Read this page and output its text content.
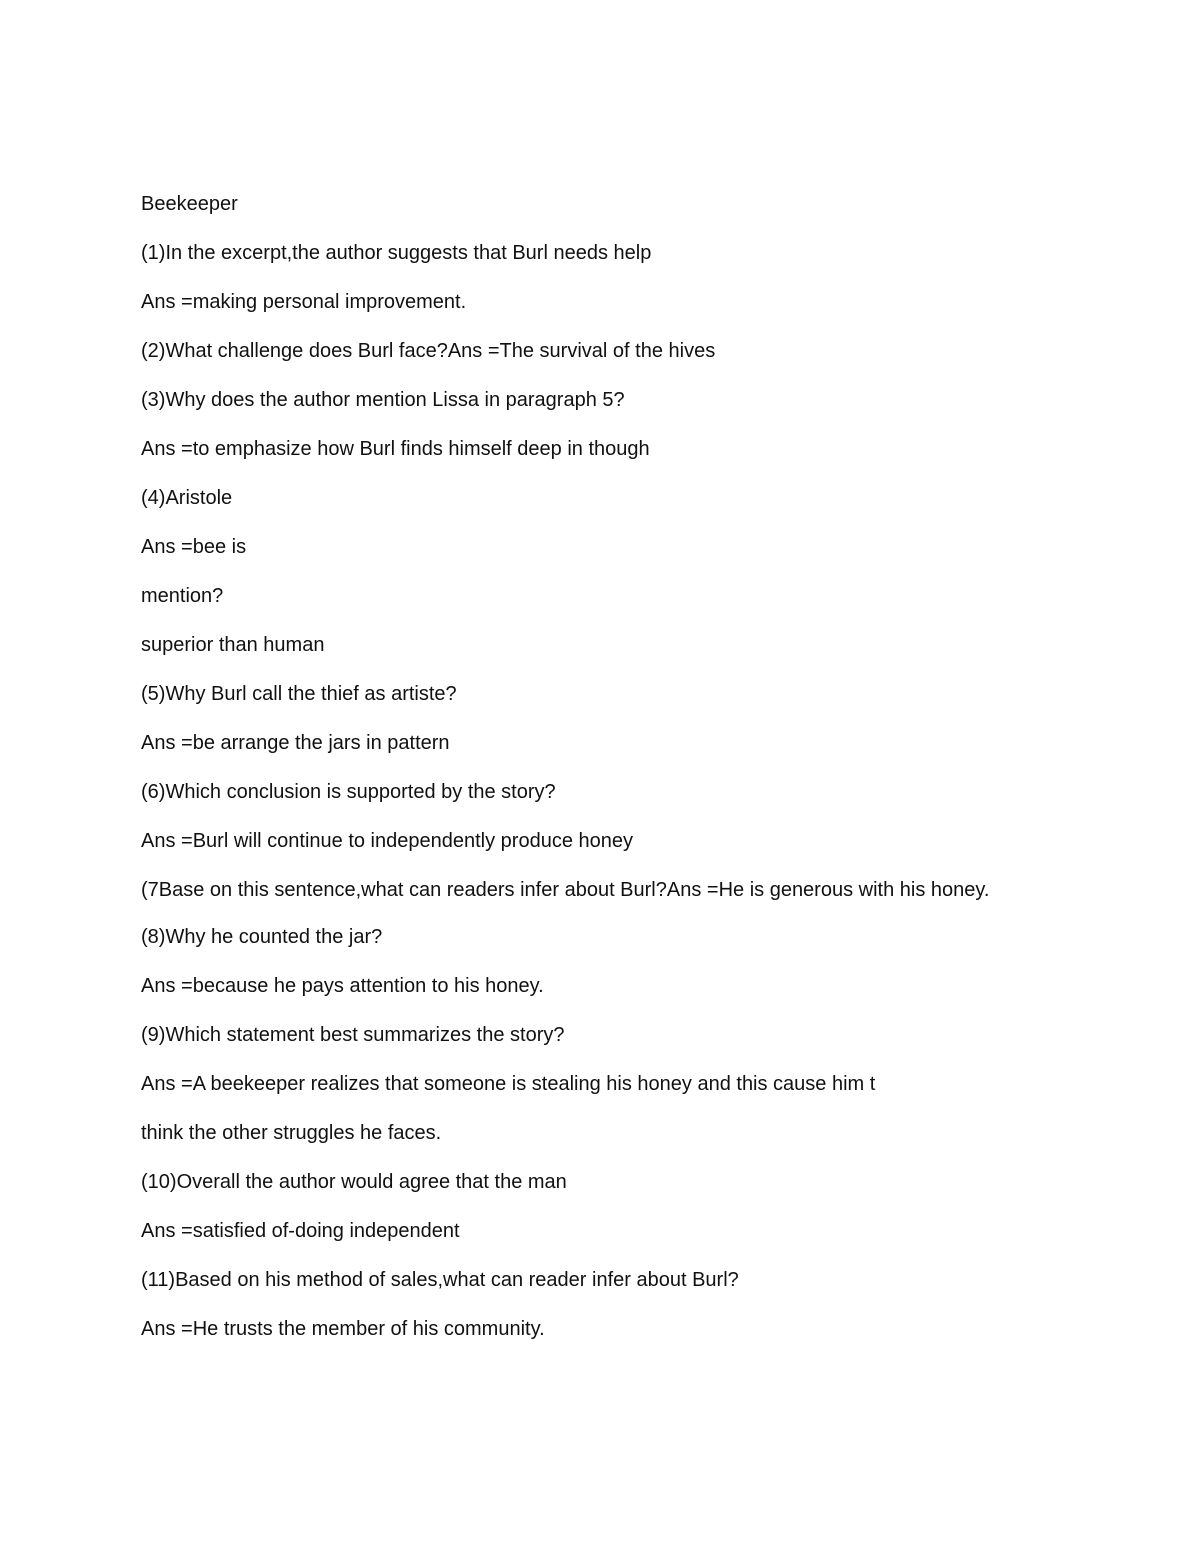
Beekeeper

(1)In the excerpt,the author suggests that Burl needs help

Ans =making personal improvement.

(2)What challenge does Burl face?Ans =The survival of the hives

(3)Why does the author mention Lissa in paragraph 5?

Ans =to emphasize how Burl finds himself deep in though

(4)Aristole

Ans =bee is

mention?

superior than human

(5)Why Burl call the thief as artiste?

Ans =be arrange the jars in pattern

(6)Which conclusion is supported by the story?

Ans =Burl will continue to independently produce honey

(7Base on this sentence,what can readers infer about Burl?Ans =He is generous with his honey.

(8)Why he counted the jar?

Ans =because he pays attention to his honey.

(9)Which statement best summarizes the story?

Ans =A beekeeper realizes that someone is stealing his honey and this cause him t

think the other struggles he faces.

(10)Overall the author would agree that the man

Ans =satisfied of-doing independent

(11)Based on his method of sales,what can reader infer about Burl?

Ans =He trusts the member of his community.
